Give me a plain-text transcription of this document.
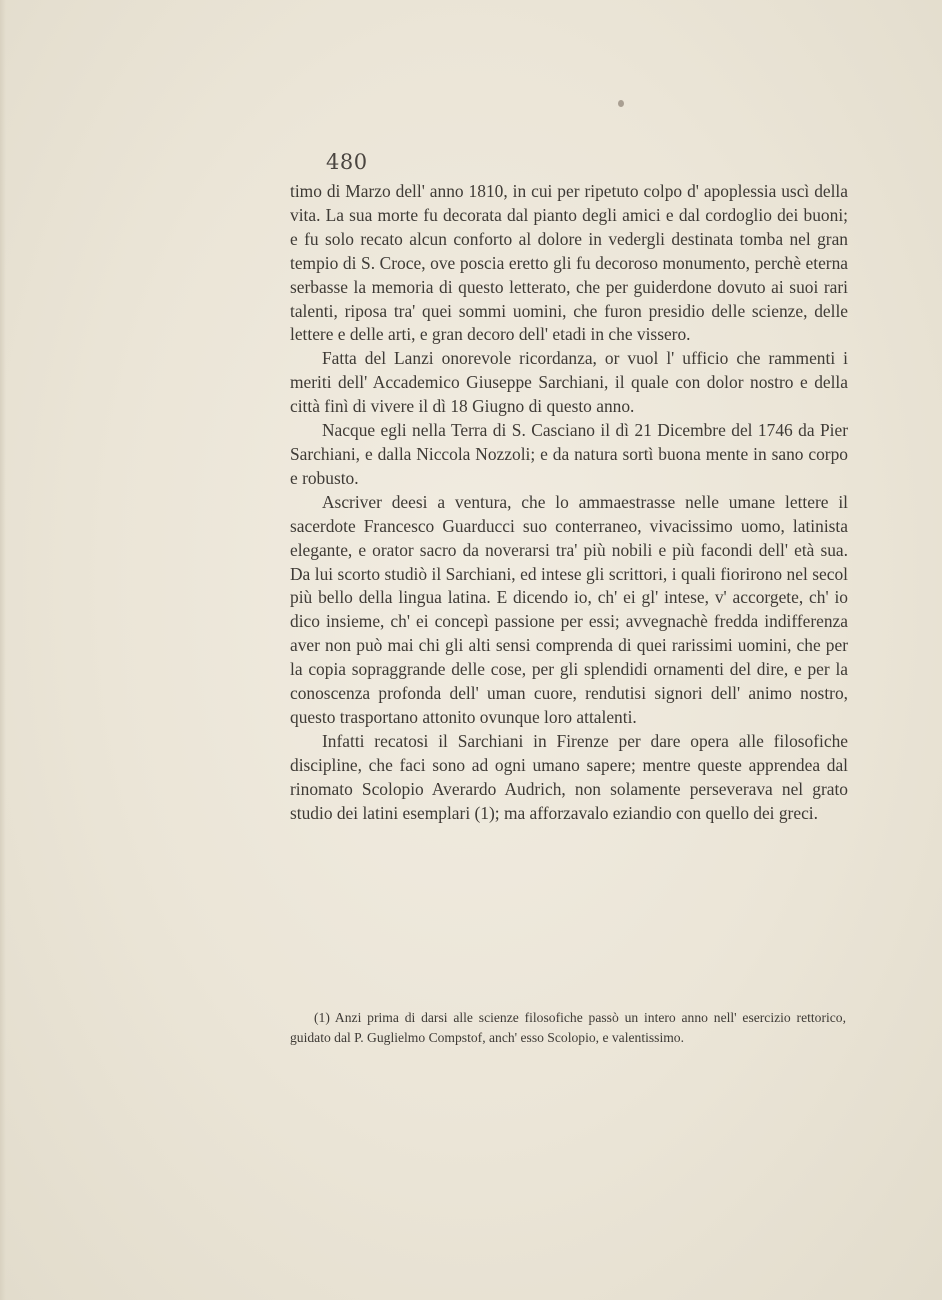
480

timo di Marzo dell' anno 1810, in cui per ripetuto colpo d' apoplessia uscì della vita. La sua morte fu decorata dal pianto degli amici e dal cordoglio dei buoni; e fu solo recato alcun conforto al dolore in vedergli destinata tomba nel gran tempio di S. Croce, ove poscia eretto gli fu decoroso monumento, perchè eterna serbasse la memoria di questo letterato, che per guiderdone dovuto ai suoi rari talenti, riposa tra' quei sommi uomini, che furon presidio delle scienze, delle lettere e delle arti, e gran decoro dell' etadi in che vissero.

Fatta del Lanzi onorevole ricordanza, or vuol l' ufficio che rammenti i meriti dell' Accademico Giuseppe Sarchiani, il quale con dolor nostro e della città finì di vivere il dì 18 Giugno di questo anno.

Nacque egli nella Terra di S. Casciano il dì 21 Dicembre del 1746 da Pier Sarchiani, e dalla Niccola Nozzoli; e da natura sortì buona mente in sano corpo e robusto.

Ascriver deesi a ventura, che lo ammaestrasse nelle umane lettere il sacerdote Francesco Guarducci suo conterraneo, vivacissimo uomo, latinista elegante, e orator sacro da noverarsi tra' più nobili e più facondi dell' età sua. Da lui scorto studiò il Sarchiani, ed intese gli scrittori, i quali fiorirono nel secol più bello della lingua latina. E dicendo io, ch' ei gl' intese, v' accorgete, ch' io dico insieme, ch' ei concepì passione per essi; avvegnachè fredda indifferenza aver non può mai chi gli alti sensi comprenda di quei rarissimi uomini, che per la copia sopraggrande delle cose, per gli splendidi ornamenti del dire, e per la conoscenza profonda dell' uman cuore, rendutisi signori dell' animo nostro, questo trasportano attonito ovunque loro attalenti.

Infatti recatosi il Sarchiani in Firenze per dare opera alle filosofiche discipline, che faci sono ad ogni umano sapere; mentre queste apprendea dal rinomato Scolopio Averardo Audrich, non solamente perseverava nel grato studio dei latini esemplari (1); ma afforzavalo eziandio con quello dei greci.

(1) Anzi prima di darsi alle scienze filosofiche passò un intero anno nell' esercizio rettorico, guidato dal P. Guglielmo Compstof, anch' esso Scolopio, e valentissimo.
